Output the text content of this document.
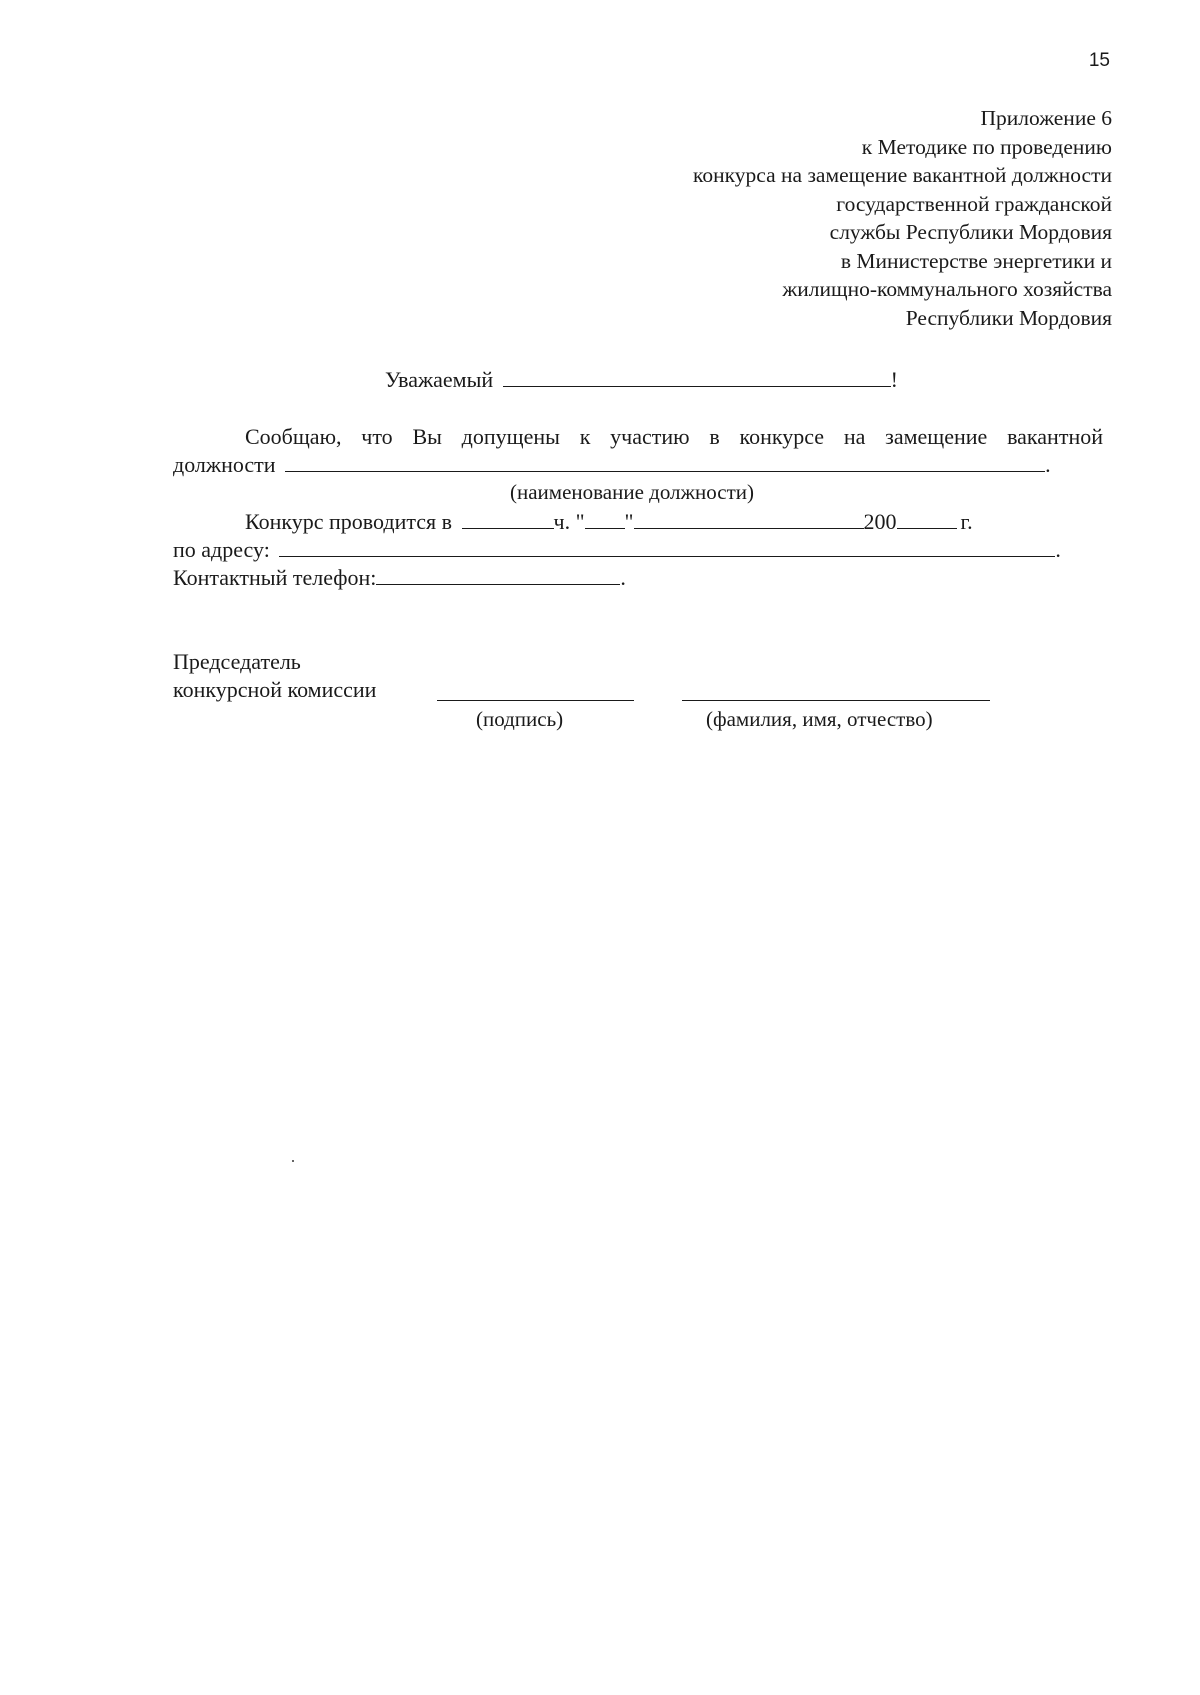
15
Приложение 6
к Методике по проведению
конкурса на замещение вакантной должности
государственной гражданской
службы Республики Мордовия
в Министерстве энергетики и
жилищно-коммунального хозяйства
Республики Мордовия
Уважаемый	!
Сообщаю, что Вы допущены к участию в конкурсе на замещение вакантной
должности	.
(наименование должности)
Конкурс проводится в	ч. " "	200	г.
по адресу:	.
Контактный телефон:	.
Председатель
конкурсной комиссии
(подпись)	(фамилия, имя, отчество)
